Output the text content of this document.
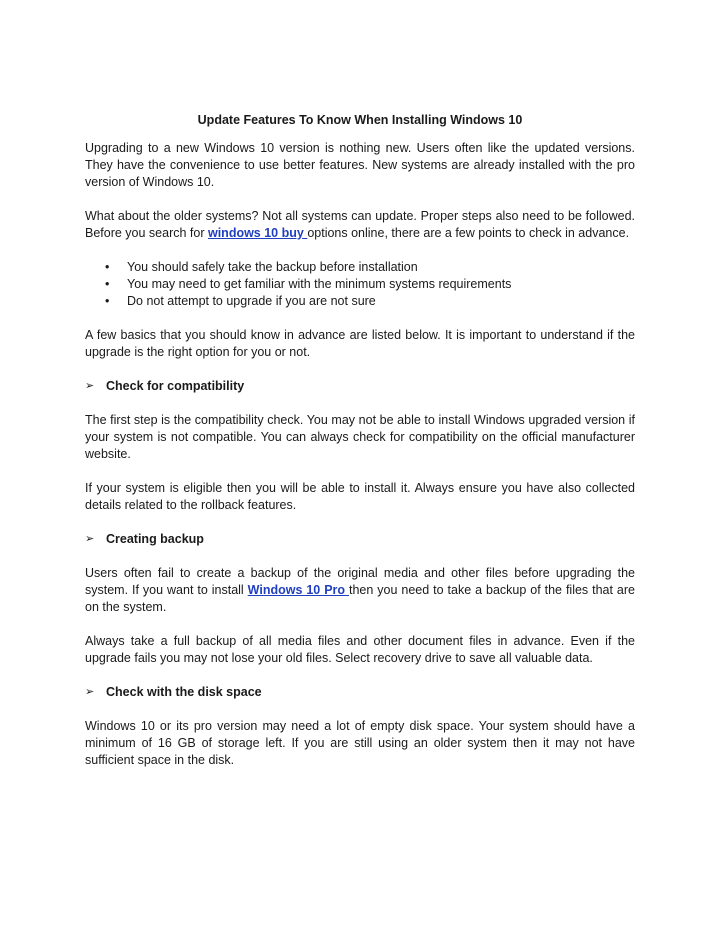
Update Features To Know When Installing Windows 10

Upgrading to a new Windows 10 version is nothing new. Users often like the updated versions. They have the convenience to use better features. New systems are already installed with the pro version of Windows 10.

What about the older systems? Not all systems can update. Proper steps also need to be followed. Before you search for windows 10 buy options online, there are a few points to check in advance.

• You should safely take the backup before installation
• You may need to get familiar with the minimum systems requirements
• Do not attempt to upgrade if you are not sure

A few basics that you should know in advance are listed below. It is important to understand if the upgrade is the right option for you or not.

➢ Check for compatibility

The first step is the compatibility check. You may not be able to install Windows upgraded version if your system is not compatible. You can always check for compatibility on the official manufacturer website.

If your system is eligible then you will be able to install it. Always ensure you have also collected details related to the rollback features.

➢ Creating backup

Users often fail to create a backup of the original media and other files before upgrading the system. If you want to install Windows 10 Pro then you need to take a backup of the files that are on the system.

Always take a full backup of all media files and other document files in advance. Even if the upgrade fails you may not lose your old files. Select recovery drive to save all valuable data.

➢ Check with the disk space

Windows 10 or its pro version may need a lot of empty disk space. Your system should have a minimum of 16 GB of storage left. If you are still using an older system then it may not have sufficient space in the disk.
